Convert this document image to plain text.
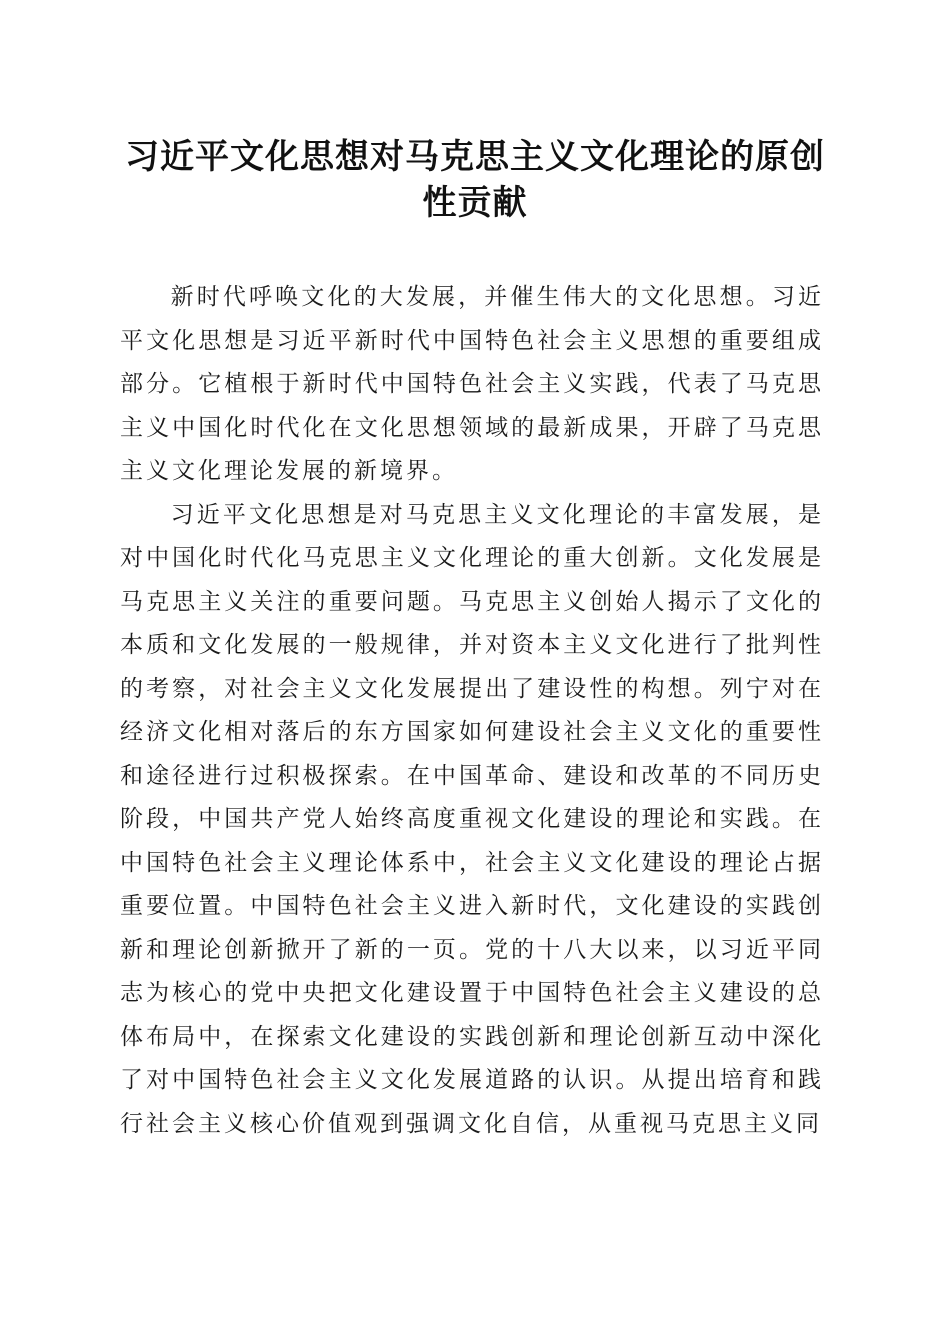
习近平文化思想对马克思主义文化理论的原创性贡献

新时代呼唤文化的大发展，并催生伟大的文化思想。习近平文化思想是习近平新时代中国特色社会主义思想的重要组成部分。它植根于新时代中国特色社会主义实践，代表了马克思主义中国化时代化在文化思想领域的最新成果，开辟了马克思主义文化理论发展的新境界。

习近平文化思想是对马克思主义文化理论的丰富发展，是对中国化时代化马克思主义文化理论的重大创新。文化发展是马克思主义关注的重要问题。马克思主义创始人揭示了文化的本质和文化发展的一般规律，并对资本主义文化进行了批判性的考察，对社会主义文化发展提出了建设性的构想。列宁对在经济文化相对落后的东方国家如何建设社会主义文化的重要性和途径进行过积极探索。在中国革命、建设和改革的不同历史阶段，中国共产党人始终高度重视文化建设的理论和实践。在中国特色社会主义理论体系中，社会主义文化建设的理论占据重要位置。中国特色社会主义进入新时代，文化建设的实践创新和理论创新掀开了新的一页。党的十八大以来，以习近平同志为核心的党中央把文化建设置于中国特色社会主义建设的总体布局中，在探索文化建设的实践创新和理论创新互动中深化了对中国特色社会主义文化发展道路的认识。从提出培育和践行社会主义核心价值观到强调文化自信，从重视马克思主义同
